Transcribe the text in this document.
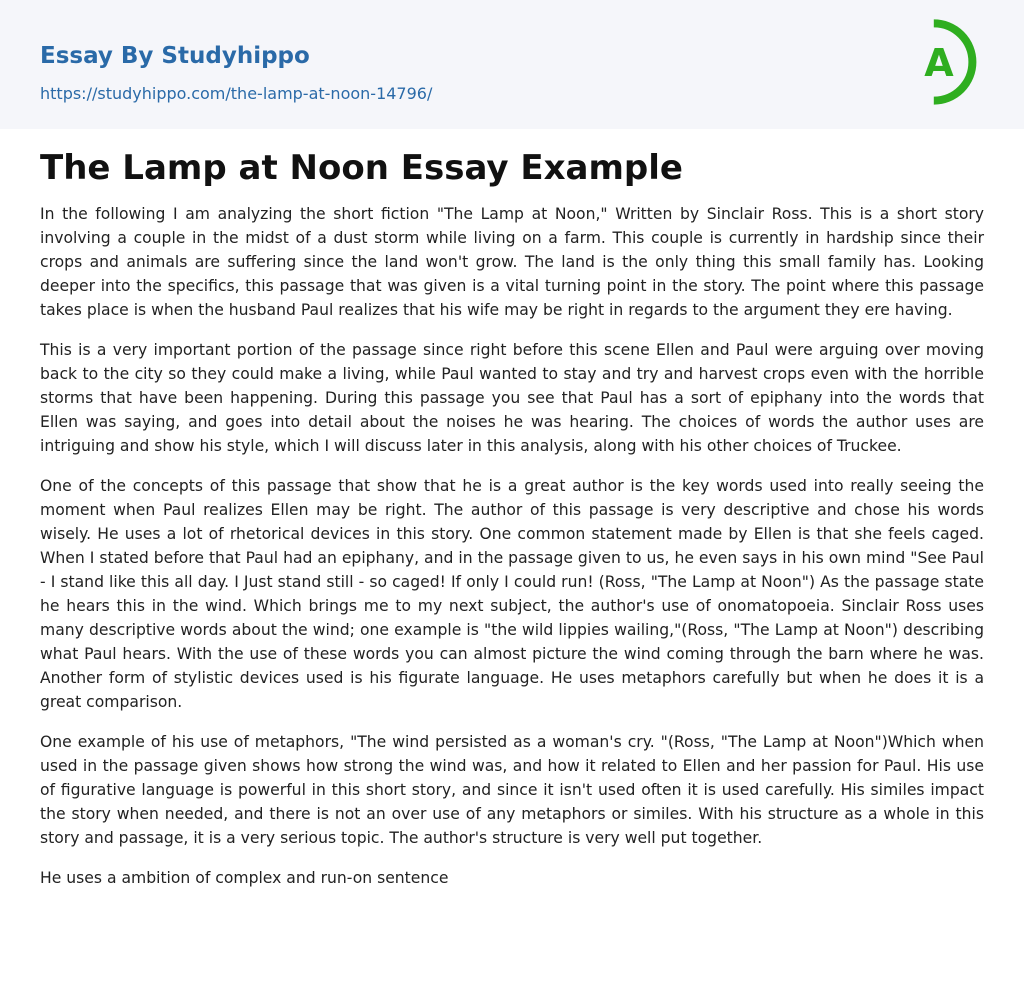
Essay By Studyhippo
https://studyhippo.com/the-lamp-at-noon-14796/
A
The Lamp at Noon Essay Example

In the following I am analyzing the short fiction "The Lamp at Noon," Written by Sinclair Ross. This is a short story involving a couple in the midst of a dust storm while living on a farm. This couple is currently in hardship since their crops and animals are suffering since the land won't grow. The land is the only thing this small family has. Looking deeper into the specifics, this passage that was given is a vital turning point in the story. The point where this passage takes place is when the husband Paul realizes that his wife may be right in regards to the argument they ere having.

This is a very important portion of the passage since right before this scene Ellen and Paul were arguing over moving back to the city so they could make a living, while Paul wanted to stay and try and harvest crops even with the horrible storms that have been happening. During this passage you see that Paul has a sort of epiphany into the words that Ellen was saying, and goes into detail about the noises he was hearing. The choices of words the author uses are intriguing and show his style, which I will discuss later in this analysis, along with his other choices of Truckee.

One of the concepts of this passage that show that he is a great author is the key words used into really seeing the moment when Paul realizes Ellen may be right. The author of this passage is very descriptive and chose his words wisely. He uses a lot of rhetorical devices in this story. One common statement made by Ellen is that she feels caged. When I stated before that Paul had an epiphany, and in the passage given to us, he even says in his own mind "See Paul - I stand like this all day. I Just stand still - so caged! If only I could run! (Ross, "The Lamp at Noon") As the passage state he hears this in the wind. Which brings me to my next subject, the author's use of onomatopoeia. Sinclair Ross uses many descriptive words about the wind; one example is "the wild lippies wailing,"(Ross, "The Lamp at Noon") describing what Paul hears. With the use of these words you can almost picture the wind coming through the barn where he was. Another form of stylistic devices used is his figurate language. He uses metaphors carefully but when he does it is a great comparison.

One example of his use of metaphors, "The wind persisted as a woman's cry. "(Ross, "The Lamp at Noon")Which when used in the passage given shows how strong the wind was, and how it related to Ellen and her passion for Paul. His use of figurative language is powerful in this short story, and since it isn't used often it is used carefully. His similes impact the story when needed, and there is not an over use of any metaphors or similes. With his structure as a whole in this story and passage, it is a very serious topic. The author's structure is very well put together.

He uses a ambition of complex and run-on sentence
